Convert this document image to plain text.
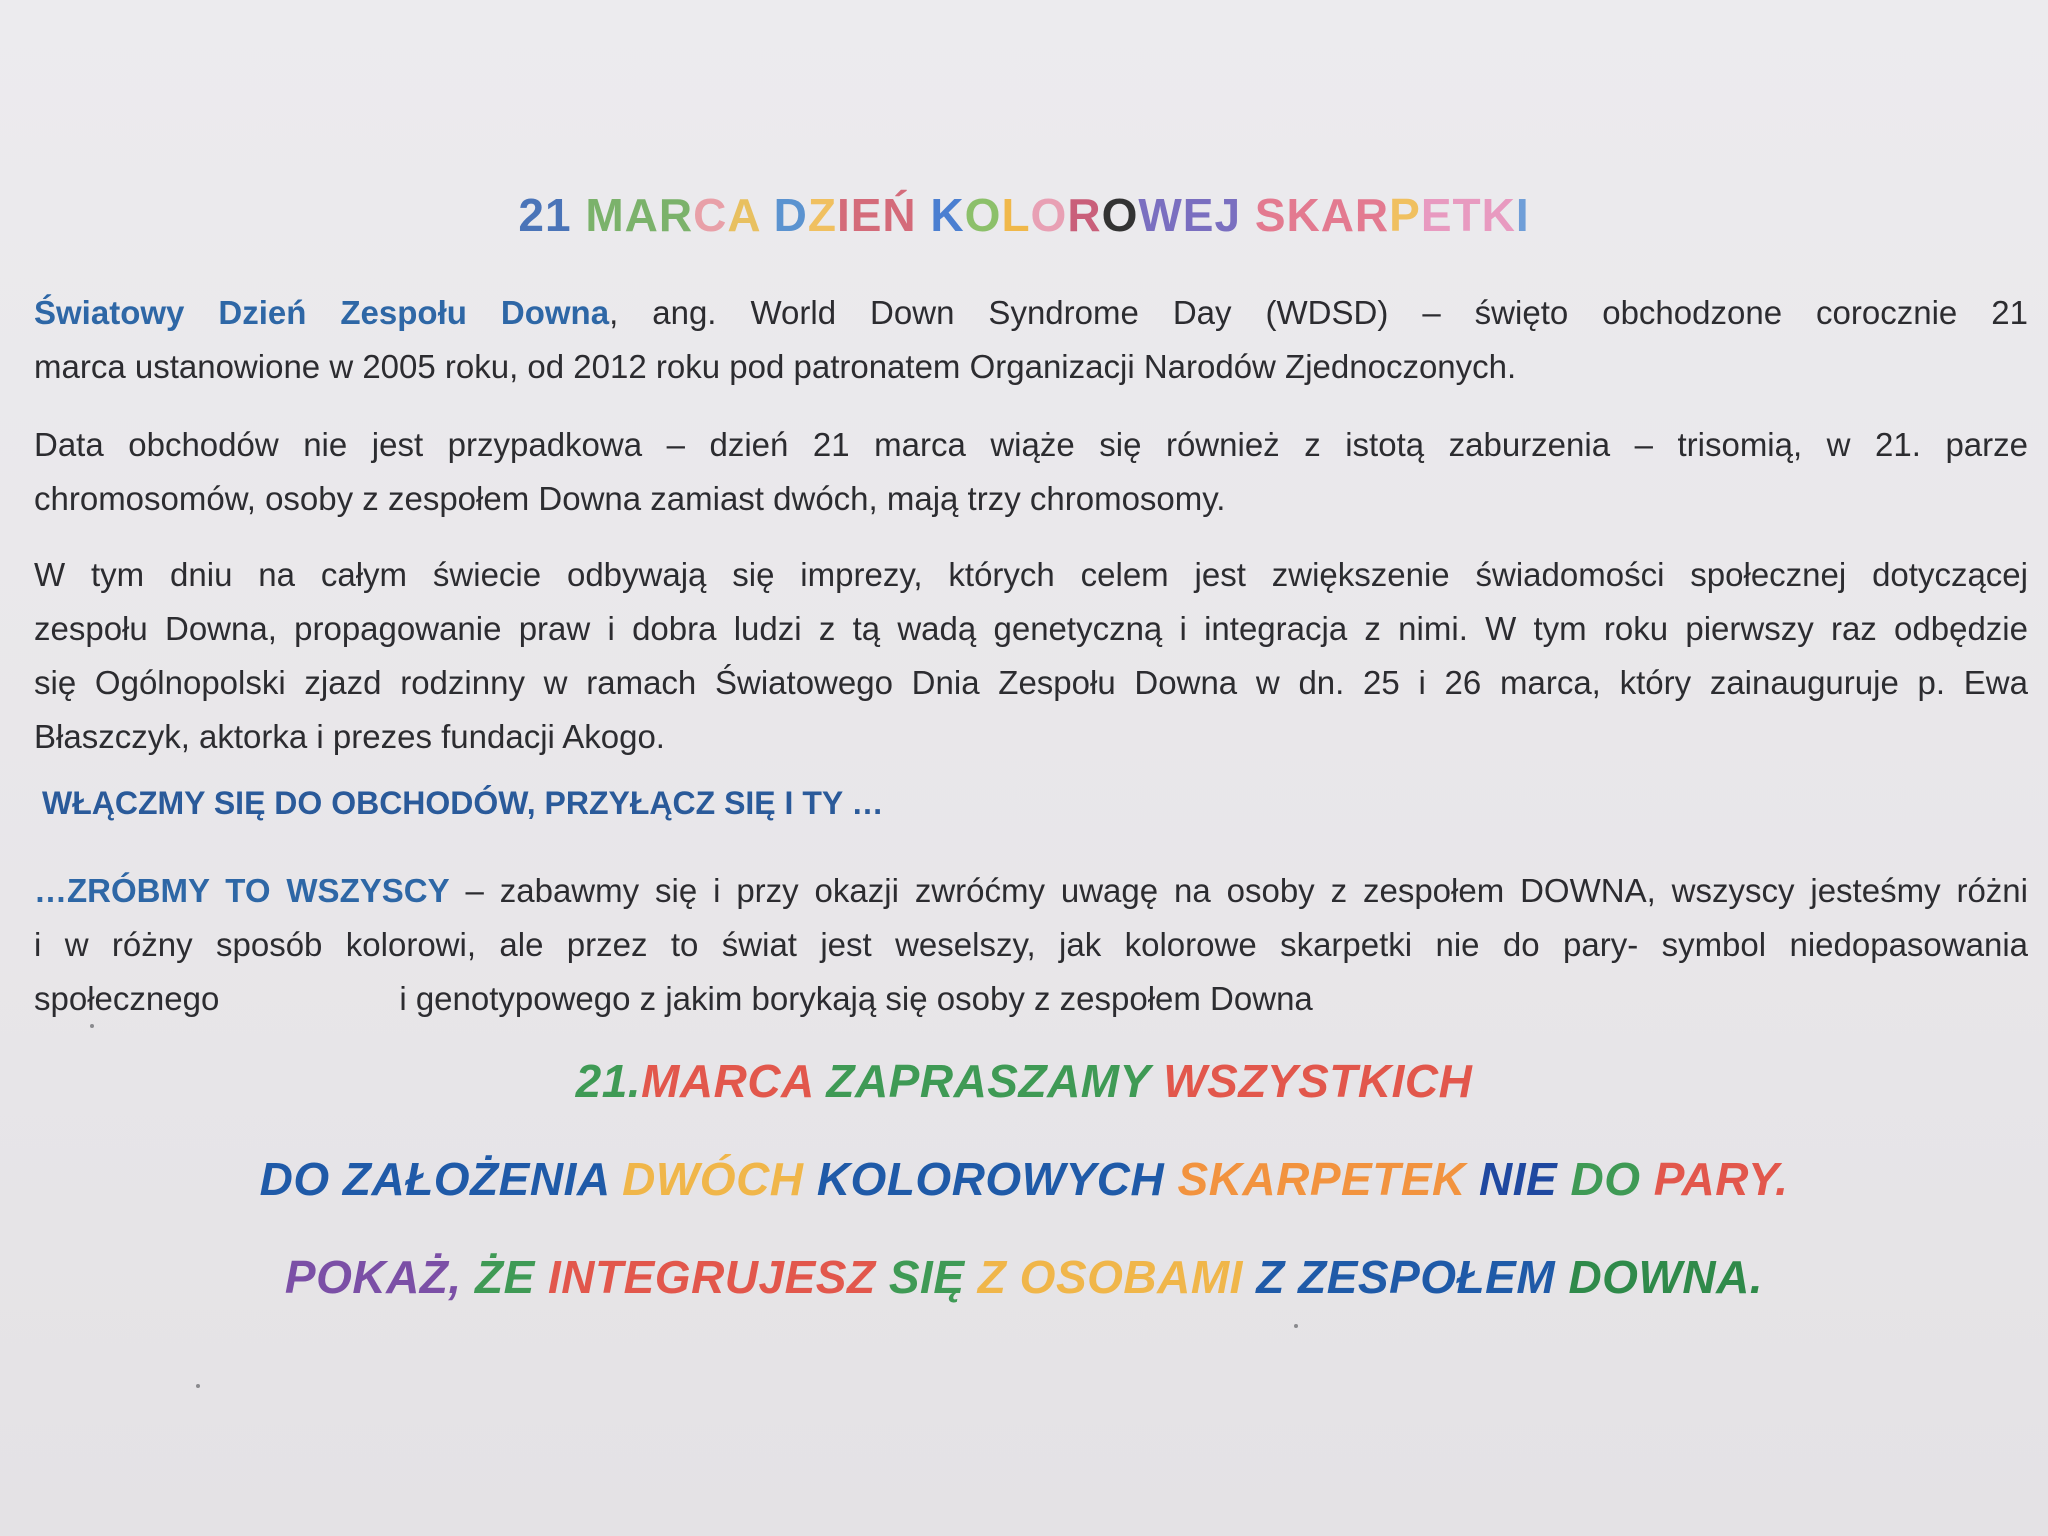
21 MARCA DZIEŃ KOLOROWEJ SKARPETKI

Światowy Dzień Zespołu Downa, ang. World Down Syndrome Day (WDSD) – święto obchodzone corocznie 21
marca ustanowione w 2005 roku, od 2012 roku pod patronatem Organizacji Narodów Zjednoczonych.

Data obchodów nie jest przypadkowa – dzień 21 marca wiąże się również z istotą zaburzenia – trisomią, w 21. parze
chromosomów, osoby z zespołem Downa zamiast dwóch, mają trzy chromosomy.

W tym dniu na całym świecie odbywają się imprezy, których celem jest zwiększenie świadomości społecznej dotyczącej
zespołu Downa, propagowanie praw i dobra ludzi z tą wadą genetyczną i integracja z nimi. W tym roku pierwszy raz odbędzie
się Ogólnopolski zjazd rodzinny w ramach Światowego Dnia Zespołu Downa w dn. 25 i 26 marca, który zainauguruje p. Ewa
Błaszczyk, aktorka i prezes fundacji Akogo.

WŁĄCZMY SIĘ DO OBCHODÓW, PRZYŁĄCZ SIĘ I TY …

…ZRÓBMY TO WSZYSCY – zabawmy się i przy okazji zwróćmy uwagę na osoby z zespołem DOWNA, wszyscy jesteśmy różni
i w różny sposób kolorowi, ale przez to świat jest weselszy, jak kolorowe skarpetki nie do pary- symbol niedopasowania
społecznego	i genotypowego z jakim borykają się osoby z zespołem Downa

21.MARCA ZAPRASZAMY WSZYSTKICH
DO ZAŁOŻENIA DWÓCH KOLOROWYCH SKARPETEK NIE DO PARY.
POKAŻ, ŻE INTEGRUJESZ SIĘ Z OSOBAMI Z ZESPOŁEM DOWNA.
